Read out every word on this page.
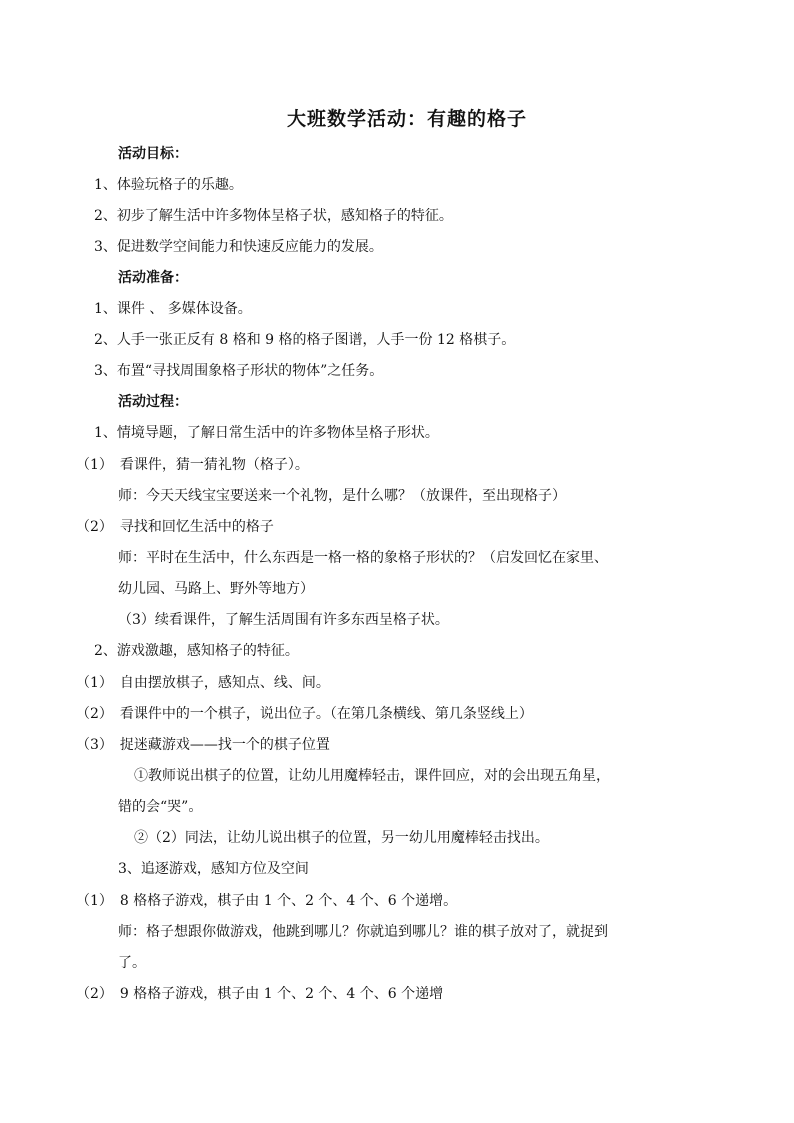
大班数学活动：有趣的格子
活动目标：
1、体验玩格子的乐趣。
2、初步了解生活中许多物体呈格子状，感知格子的特征。
3、促进数学空间能力和快速反应能力的发展。
活动准备：
1、课件 、 多媒体设备。
2、人手一张正反有 8 格和 9 格的格子图谱，人手一份 12 格棋子。
3、布置“寻找周围象格子形状的物体”之任务。
活动过程：
1、情境导题，了解日常生活中的许多物体呈格子形状。
（1）　看课件，猜一猜礼物（格子）。
师：今天天线宝宝要送来一个礼物，是什么哪？（放课件，至出现格子）
（2）　寻找和回忆生活中的格子
师：平时在生活中，什么东西是一格一格的象格子形状的？（启发回忆在家里、
幼儿园、马路上、野外等地方）
（3）续看课件，了解生活周围有许多东西呈格子状。
2、游戏激趣，感知格子的特征。
（1）　自由摆放棋子，感知点、线、间。
（2）　看课件中的一个棋子，说出位子。（在第几条横线、第几条竖线上）
（3）　捉迷藏游戏——找一个的棋子位置
①教师说出棋子的位置，让幼儿用魔棒轻击，课件回应，对的会出现五角星，
错的会“哭”。
②（2）同法，让幼儿说出棋子的位置，另一幼儿用魔棒轻击找出。
3、追逐游戏，感知方位及空间
（1）　8 格格子游戏，棋子由 1 个、2 个、4 个、6 个递增。
师：格子想跟你做游戏，他跳到哪儿？你就追到哪儿？谁的棋子放对了，就捉到
了。
（2）　9 格格子游戏，棋子由 1 个、2 个、4 个、6 个递增
